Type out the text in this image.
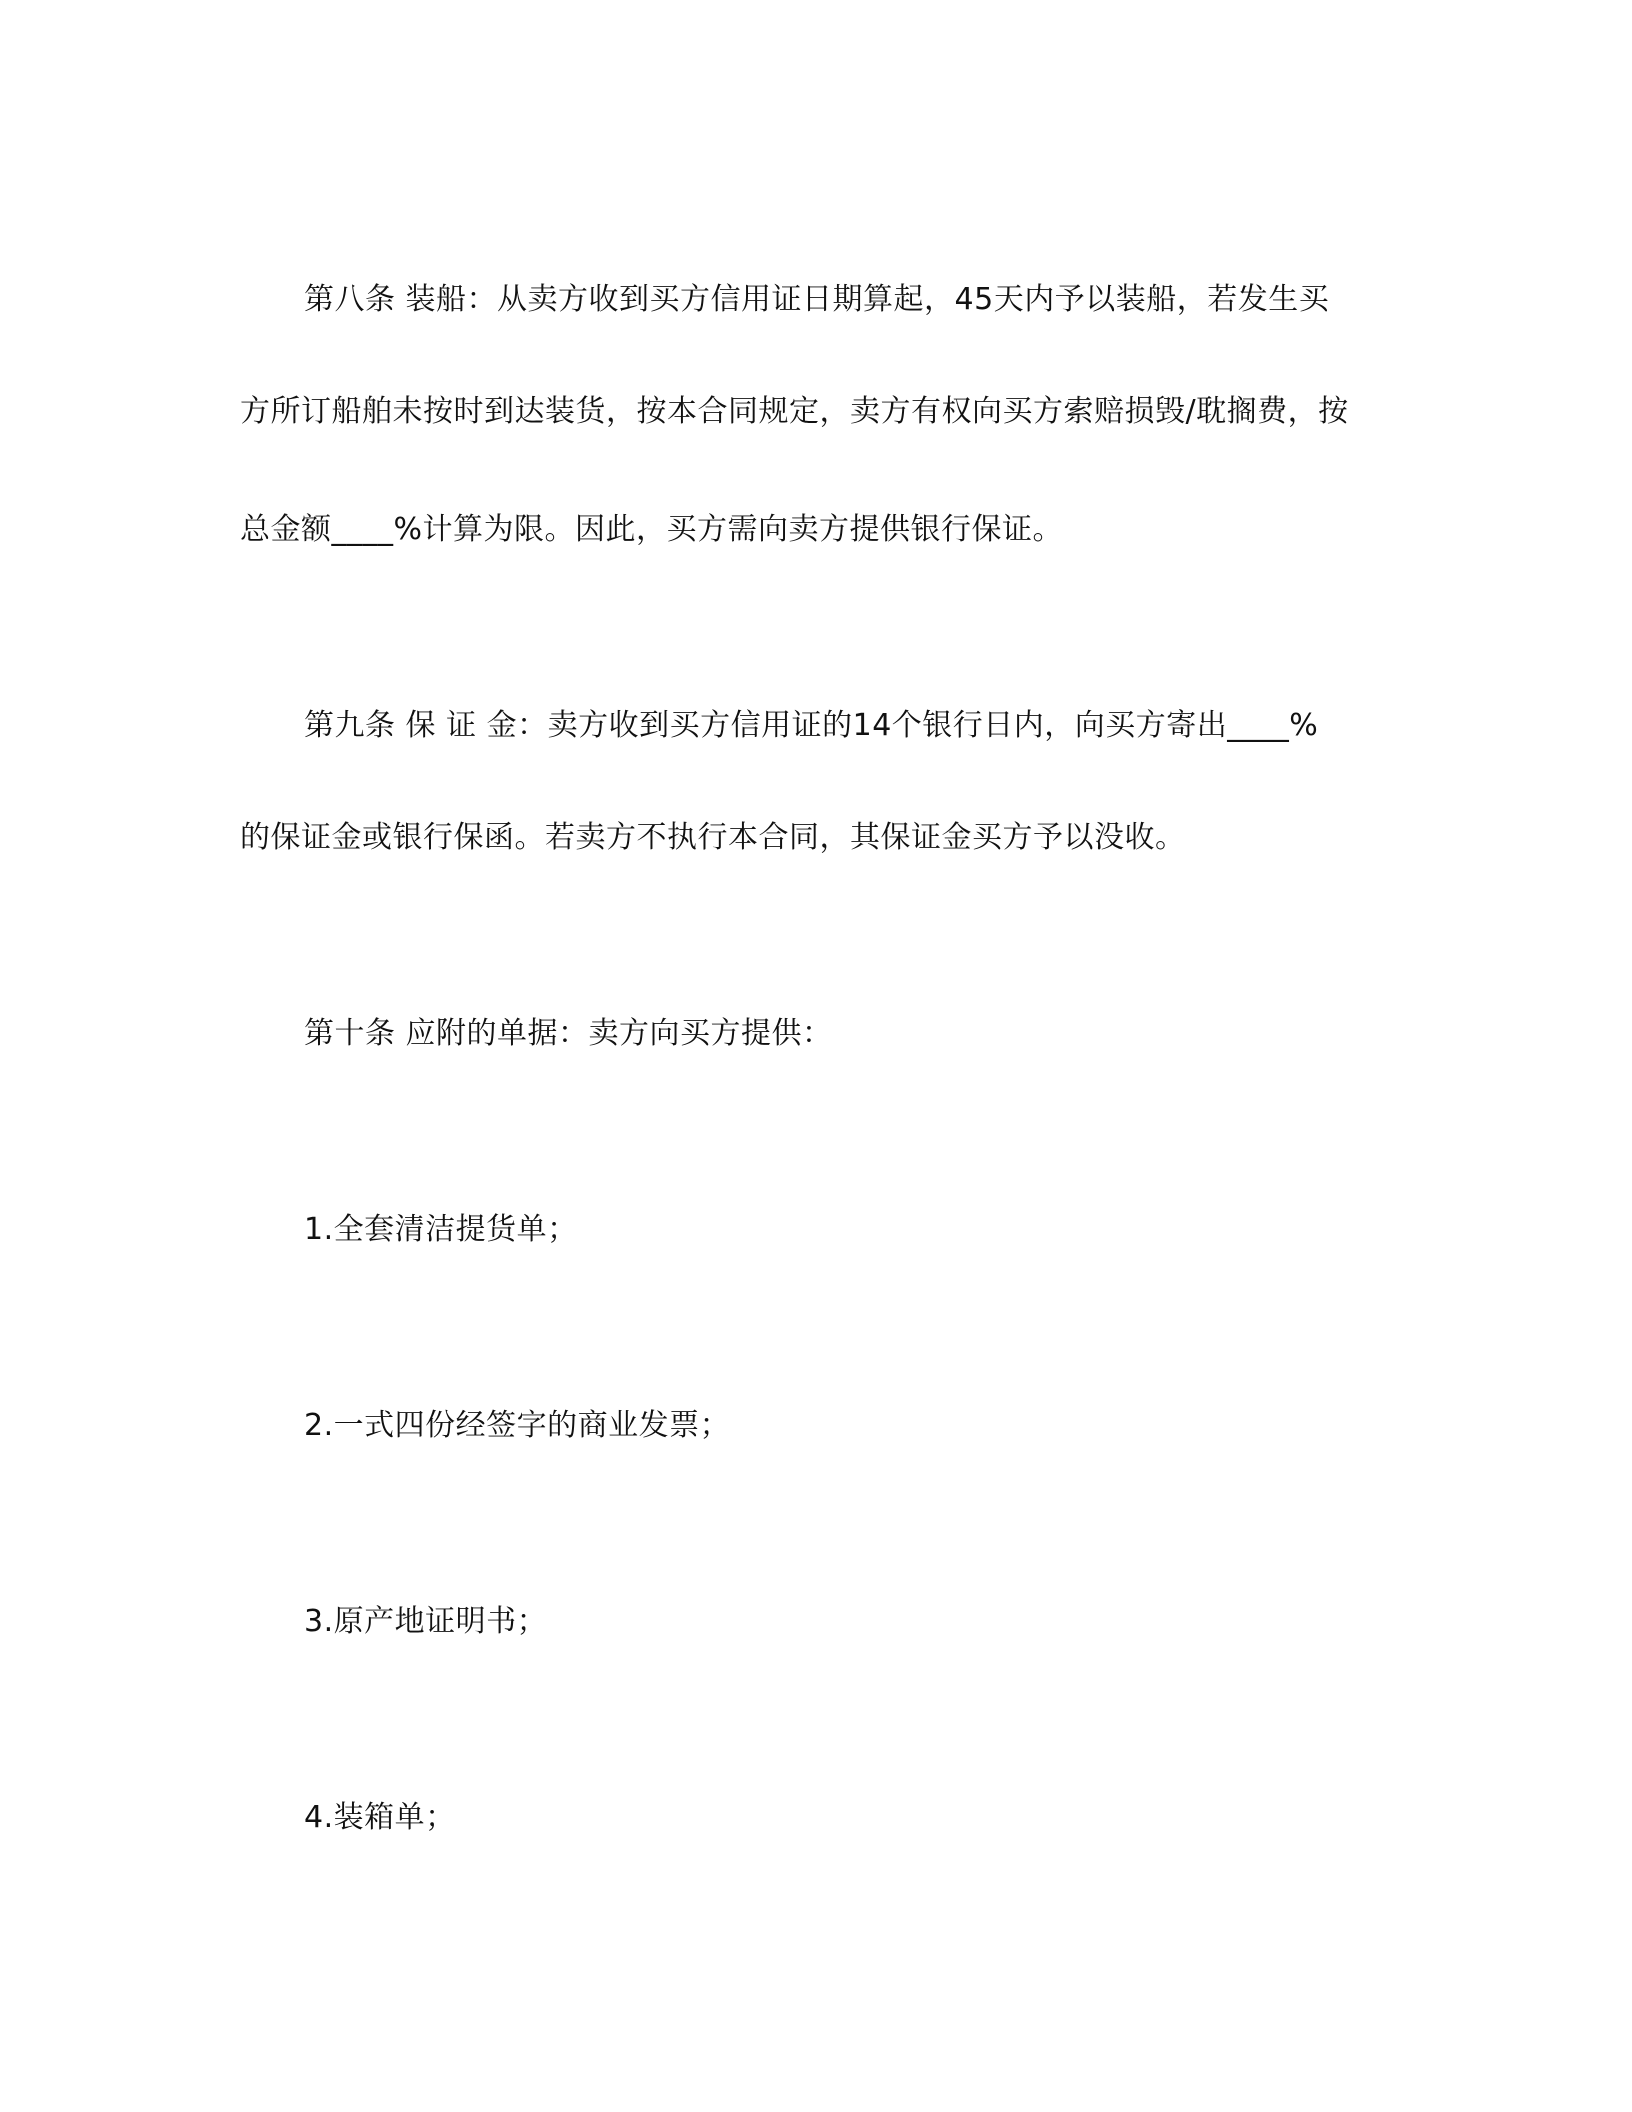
第八条 装船：从卖方收到买方信用证日期算起，45天内予以装船，若发生买
方所订船舶未按时到达装货，按本合同规定，卖方有权向买方索赔损毁/耽搁费，按
总金额____%计算为限。因此，买方需向卖方提供银行保证。
第九条 保 证 金：卖方收到买方信用证的14个银行日内，向买方寄出____%
的保证金或银行保函。若卖方不执行本合同，其保证金买方予以没收。
第十条 应附的单据：卖方向买方提供：
1.全套清洁提货单；
2.一式四份经签字的商业发票；
3.原产地证明书；
4.装箱单；
